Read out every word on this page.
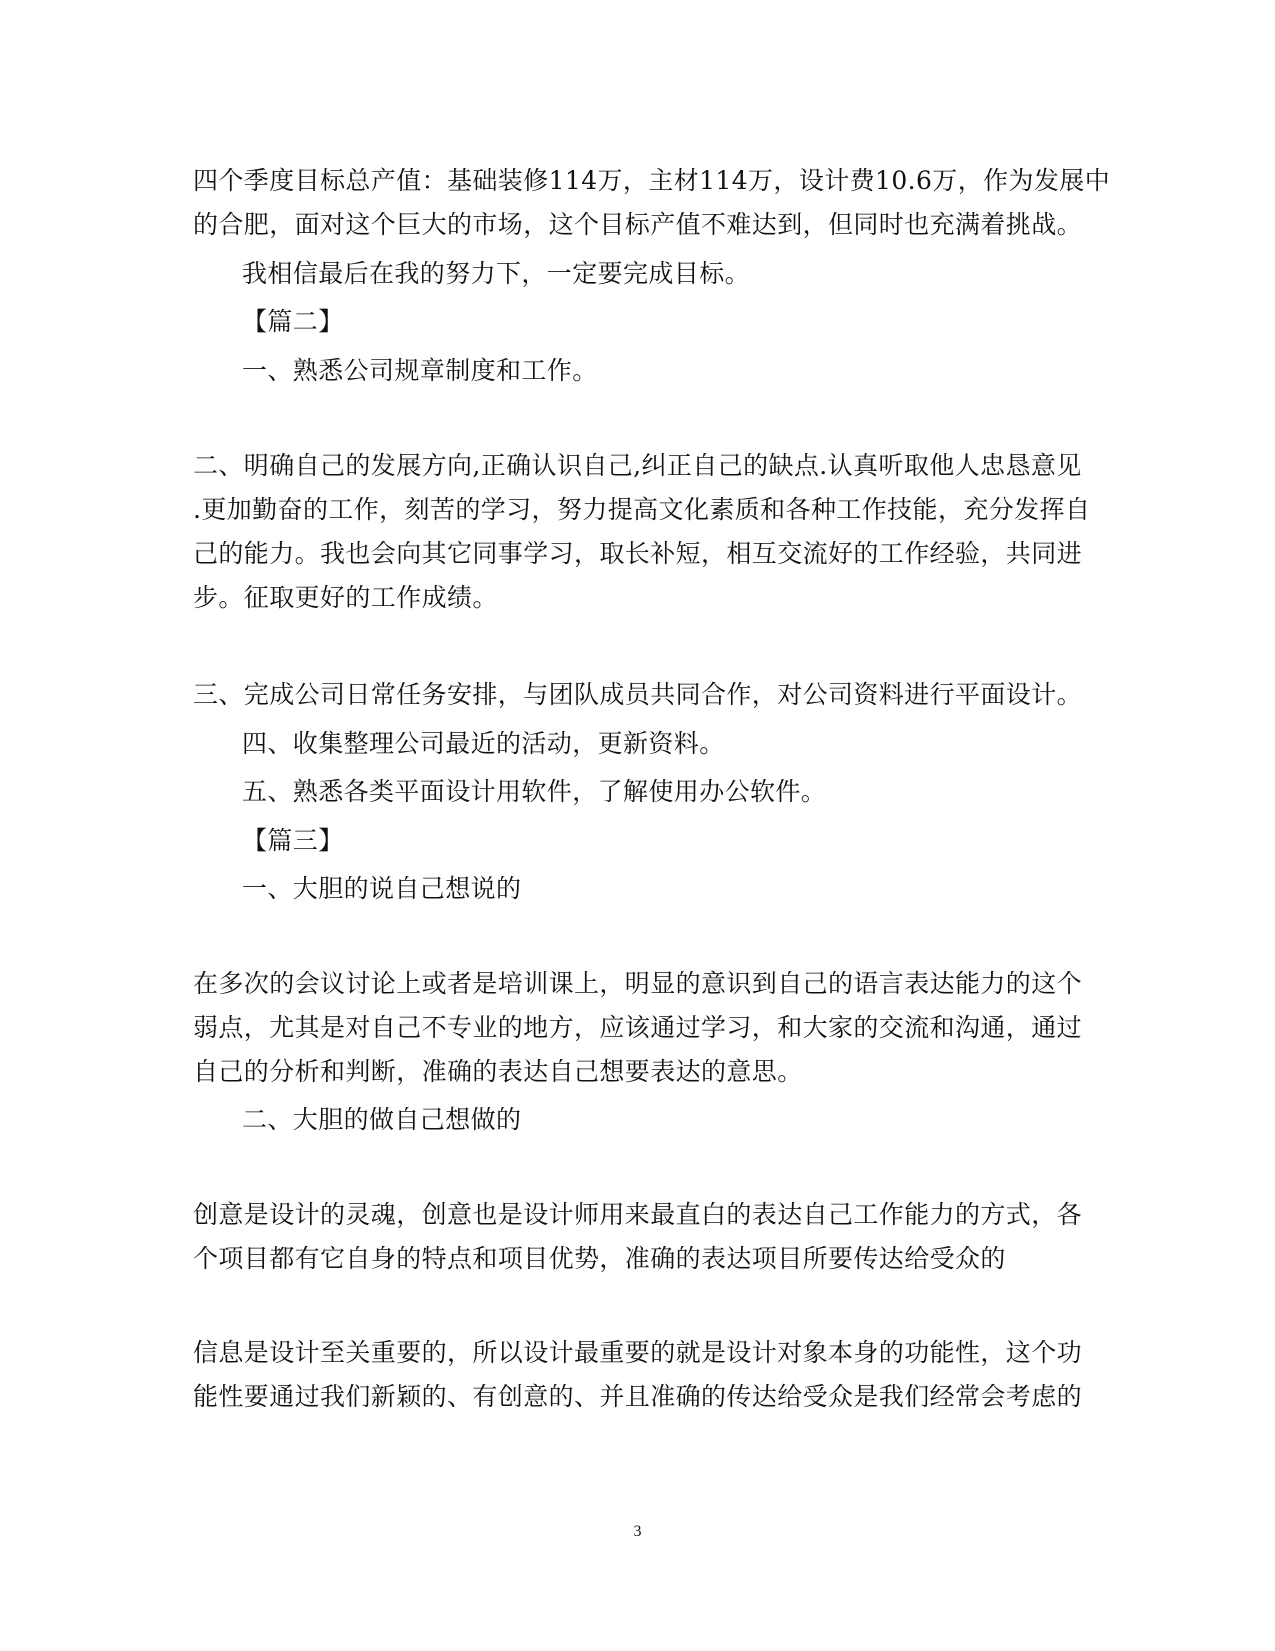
四个季度目标总产值：基础装修114万，主材114万，设计费10.6万，作为发展中
的合肥，面对这个巨大的市场，这个目标产值不难达到，但同时也充满着挑战。
我相信最后在我的努力下，一定要完成目标。
【篇二】
一、熟悉公司规章制度和工作。
二、明确自己的发展方向,正确认识自己,纠正自己的缺点.认真听取他人忠恳意见
.更加勤奋的工作，刻苦的学习，努力提高文化素质和各种工作技能，充分发挥自
己的能力。我也会向其它同事学习，取长补短，相互交流好的工作经验，共同进
步。征取更好的工作成绩。
三、完成公司日常任务安排，与团队成员共同合作，对公司资料进行平面设计。
四、收集整理公司最近的活动，更新资料。
五、熟悉各类平面设计用软件，了解使用办公软件。
【篇三】
一、大胆的说自己想说的
在多次的会议讨论上或者是培训课上，明显的意识到自己的语言表达能力的这个
弱点，尤其是对自己不专业的地方，应该通过学习，和大家的交流和沟通，通过
自己的分析和判断，准确的表达自己想要表达的意思。
二、大胆的做自己想做的
创意是设计的灵魂，创意也是设计师用来最直白的表达自己工作能力的方式，各
个项目都有它自身的特点和项目优势，准确的表达项目所要传达给受众的
信息是设计至关重要的，所以设计最重要的就是设计对象本身的功能性，这个功
能性要通过我们新颖的、有创意的、并且准确的传达给受众是我们经常会考虑的
3
